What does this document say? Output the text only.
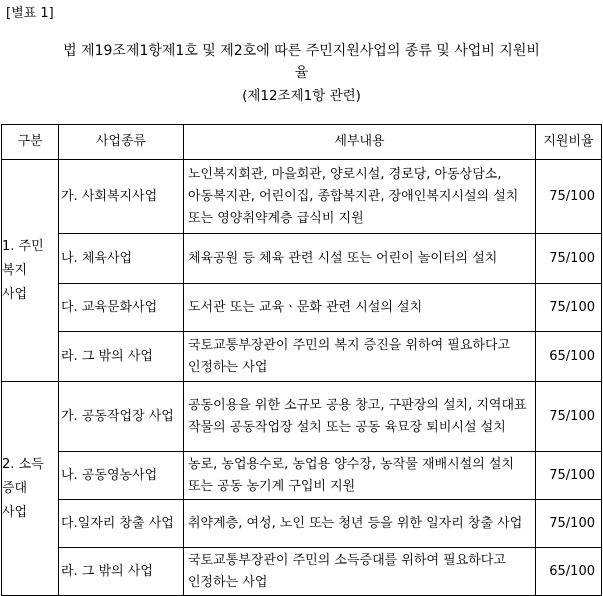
[별표 1]
법 제19조제1항제1호 및 제2호에 따른 주민지원사업의 종류 및 사업비 지원비
율
(제12조제1항 관련)
구분	사업종류	세부내용	지원비율
1. 주민
복지
사업	가. 사회복지사업	노인복지회관, 마을회관, 양로시설, 경로당, 아동상담소, 아동복지관, 어린이집, 종합복지관, 장애인복지시설의 설치 또는 영양취약계층 급식비 지원	75/100
	나. 체육사업	체육공원 등 체육 관련 시설 또는 어린이 놀이터의 설치	75/100
	다. 교육문화사업	도서관 또는 교육ㆍ문화 관련 시설의 설치	75/100
	라. 그 밖의 사업	국토교통부장관이 주민의 복지 증진을 위하여 필요하다고 인정하는 사업	65/100
2. 소득
증대
사업	가. 공동작업장 사업	공동이용을 위한 소규모 공용 창고, 구판장의 설치, 지역대표 작물의 공동작업장 설치 또는 공동 육묘장 퇴비시설 설치	75/100
	나. 공동영농사업	농로, 농업용수로, 농업용 양수장, 농작물 재배시설의 설치 또는 공동 농기계 구입비 지원	75/100
	다.일자리 창출 사업	취약계층, 여성, 노인 또는 청년 등을 위한 일자리 창출 사업	75/100
	라. 그 밖의 사업	국토교통부장관이 주민의 소득증대를 위하여 필요하다고 인정하는 사업	65/100
